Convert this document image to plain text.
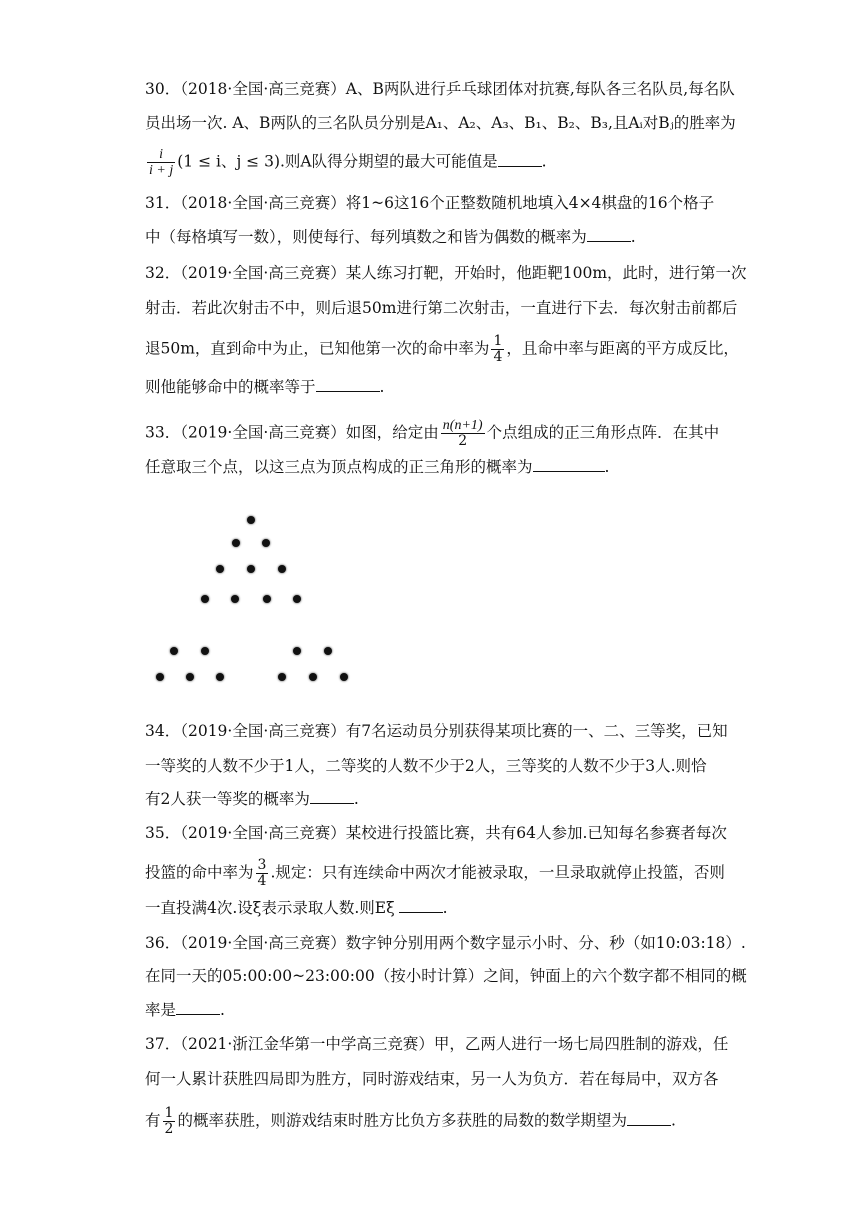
30．（2018·全国·高三竞赛）A、B两队进行乒乓球团体对抗赛,每队各三名队员,每名队
员出场一次. A、B两队的三名队员分别是A₁、A₂、A₃、B₁、B₂、B₃,且Aᵢ对Bⱼ的胜率为
$\frac{i}{i + j} (1 \le i$、j ≤ 3).则A队得分期望的最大可能值是	.
31．（2018·全国·高三竞赛）将1~6这16个正整数随机地填入4×4棋盘的16个格子
中（每格填写一数），则使每行、每列填数之和皆为偶数的概率为	.
32．（2019·全国·高三竞赛）某人练习打靶，开始时，他距靶100m，此时，进行第一次
射击．若此次射击不中，则后退50m进行第二次射击，一直进行下去．每次射击前都后
退50m，直到命中为止，已知他第一次的命中率为 $\frac{1}{4}$ ，且命中率与距离的平方成反比，
则他能够命中的概率等于	.
33．（2019·全国·高三竞赛）如图，给定由 $\frac{n(n+1)}{2}$ 个点组成的正三角形点阵．在其中
任意取三个点，以这三点为顶点构成的正三角形的概率为	.
34．（2019·全国·高三竞赛）有7名运动员分别获得某项比赛的一、二、三等奖，已知
一等奖的人数不少于1人，二等奖的人数不少于2人，三等奖的人数不少于3人.则恰
有2人获一等奖的概率为	.
35．（2019·全国·高三竞赛）某校进行投篮比赛，共有64人参加.已知每名参赛者每次
投篮的命中率为 $\frac{3}{4}$ .规定：只有连续命中两次才能被录取，一旦录取就停止投篮，否则
一直投满4次.设ξ表示录取人数.则Eξ	.
36．（2019·全国·高三竞赛）数字钟分别用两个数字显示小时、分、秒（如10:03:18）.
在同一天的05:00:00~23:00:00（按小时计算）之间，钟面上的六个数字都不相同的概
率是	.
37．（2021·浙江金华第一中学高三竞赛）甲，乙两人进行一场七局四胜制的游戏，任
何一人累计获胜四局即为胜方，同时游戏结束，另一人为负方．若在每局中，双方各
有 $\frac{1}{2}$ 的概率获胜，则游戏结束时胜方比负方多获胜的局数的数学期望为	.
